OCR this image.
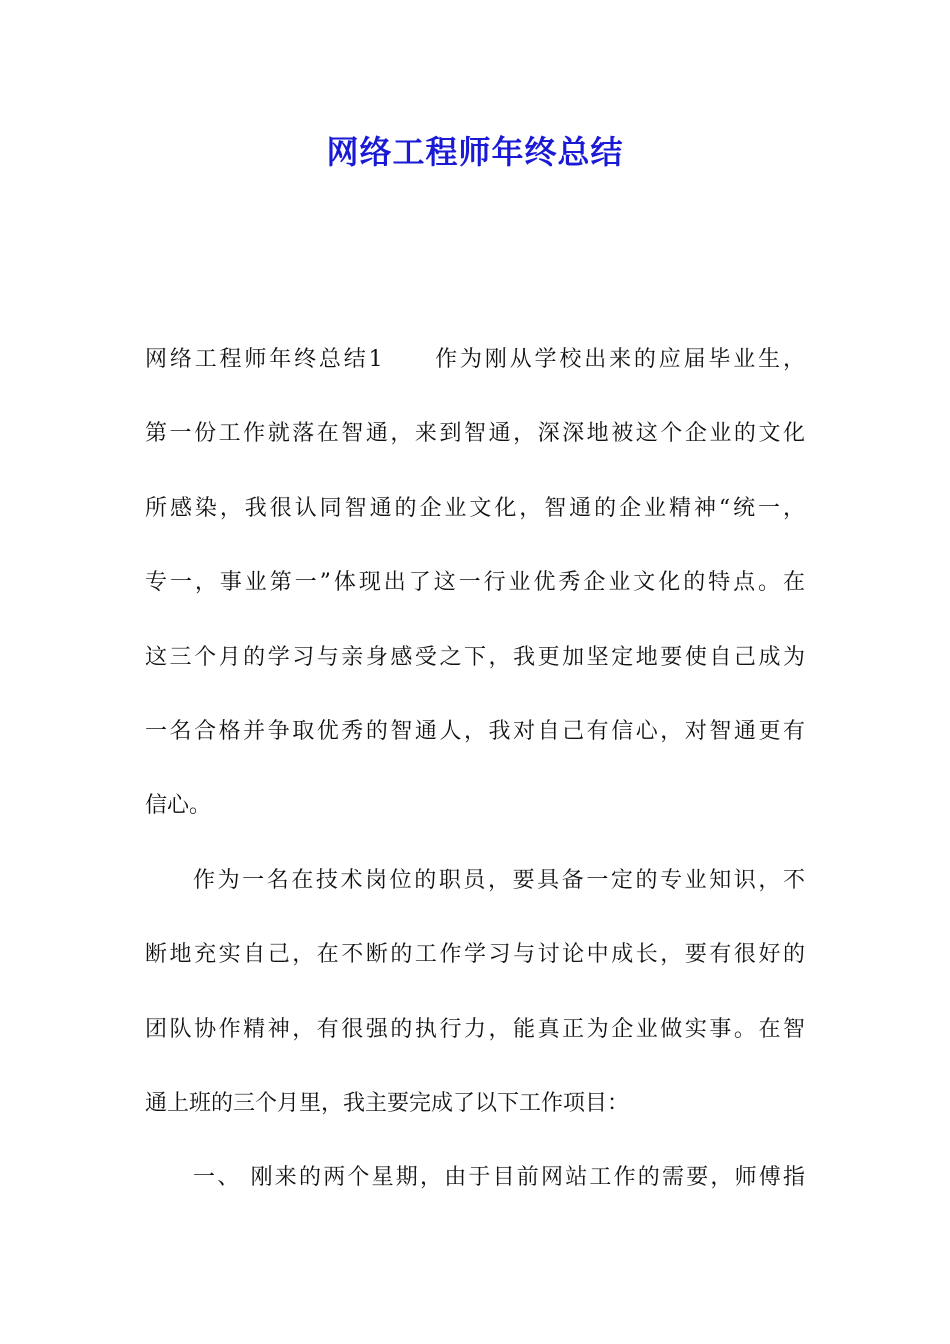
网络工程师年终总结
网络工程师年终总结1　　作为刚从学校出来的应届毕业生，
第一份工作就落在智通，来到智通，深深地被这个企业的文化
所感染，我很认同智通的企业文化，智通的企业精神“统一，
专一，事业第一”体现出了这一行业优秀企业文化的特点。在
这三个月的学习与亲身感受之下，我更加坚定地要使自己成为
一名合格并争取优秀的智通人，我对自己有信心，对智通更有
信心。
作为一名在技术岗位的职员，要具备一定的专业知识，不
断地充实自己，在不断的工作学习与讨论中成长，要有很好的
团队协作精神，有很强的执行力，能真正为企业做实事。在智
通上班的三个月里，我主要完成了以下工作项目：
一、 刚来的两个星期，由于目前网站工作的需要，师傅指
